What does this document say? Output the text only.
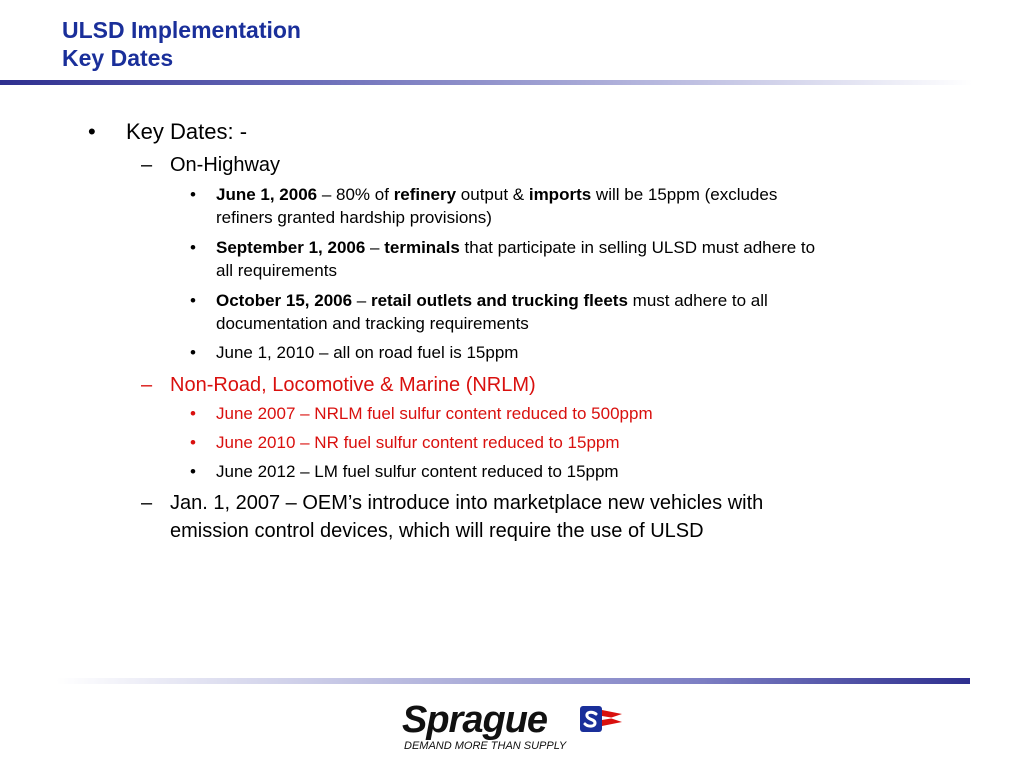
ULSD Implementation
Key Dates
• Key Dates: -
– On-Highway
• June 1, 2006 – 80% of refinery output & imports will be 15ppm (excludes
refiners granted hardship provisions)
• September 1, 2006 – terminals that participate in selling ULSD must adhere to
all requirements
• October 15, 2006 – retail outlets and trucking fleets must adhere to all
documentation and tracking requirements
• June 1, 2010 – all on road fuel is 15ppm
– Non-Road, Locomotive & Marine (NRLM)
• June 2007 – NRLM fuel sulfur content reduced to 500ppm
• June 2010 – NR fuel sulfur content reduced to 15ppm
• June 2012 – LM fuel sulfur content reduced to 15ppm
– Jan. 1, 2007 – OEM’s introduce into marketplace new vehicles with
emission control devices, which will require the use of ULSD
Sprague
DEMAND MORE THAN SUPPLY
